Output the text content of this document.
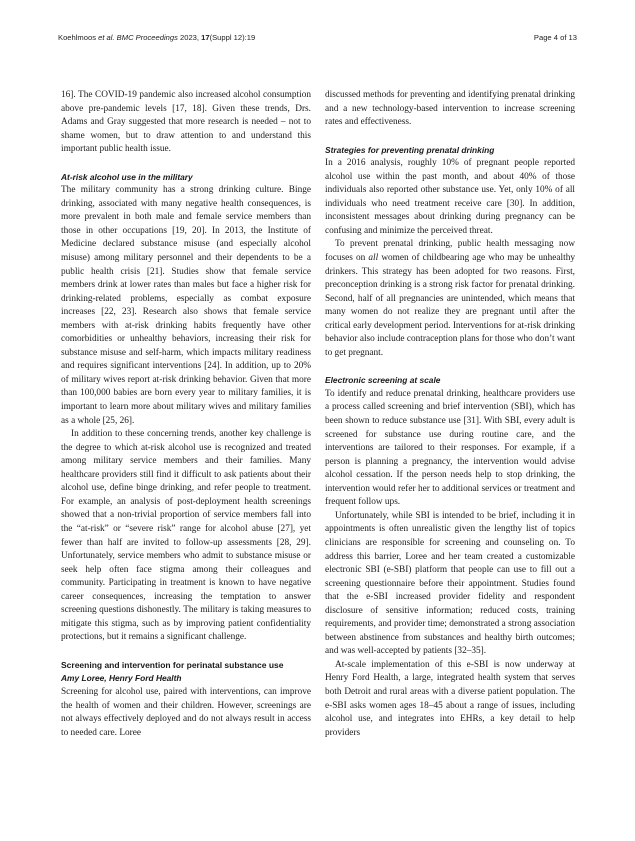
Koehlmoos et al. BMC Proceedings 2023, 17(Suppl 12):19	Page 4 of 13

16]. The COVID-19 pandemic also increased alcohol consumption above pre-pandemic levels [17, 18]. Given these trends, Drs. Adams and Gray suggested that more research is needed – not to shame women, but to draw attention to and understand this important public health issue.

At-risk alcohol use in the military

The military community has a strong drinking culture. Binge drinking, associated with many negative health consequences, is more prevalent in both male and female service members than those in other occupations [19, 20]. In 2013, the Institute of Medicine declared substance misuse (and especially alcohol misuse) among military personnel and their dependents to be a public health crisis [21]. Studies show that female service members drink at lower rates than males but face a higher risk for drinking-related problems, especially as combat exposure increases [22, 23]. Research also shows that female service members with at-risk drinking habits frequently have other comorbidities or unhealthy behaviors, increasing their risk for substance misuse and self-harm, which impacts military readiness and requires significant interventions [24]. In addition, up to 20% of military wives report at-risk drinking behavior. Given that more than 100,000 babies are born every year to military families, it is important to learn more about military wives and military families as a whole [25, 26].

In addition to these concerning trends, another key challenge is the degree to which at-risk alcohol use is recognized and treated among military service members and their families. Many healthcare providers still find it difficult to ask patients about their alcohol use, define binge drinking, and refer people to treatment. For example, an analysis of post-deployment health screenings showed that a non-trivial proportion of service members fall into the “at-risk” or “severe risk” range for alcohol abuse [27], yet fewer than half are invited to follow-up assessments [28, 29]. Unfortunately, service members who admit to substance misuse or seek help often face stigma among their colleagues and community. Participating in treatment is known to have negative career consequences, increasing the temptation to answer screening questions dishonestly. The military is taking measures to mitigate this stigma, such as by improving patient confidentiality protections, but it remains a significant challenge.

Screening and intervention for perinatal substance use

Amy Loree, Henry Ford Health

Screening for alcohol use, paired with interventions, can improve the health of women and their children. However, screenings are not always effectively deployed and do not always result in access to needed care. Loree

discussed methods for preventing and identifying prenatal drinking and a new technology-based intervention to increase screening rates and effectiveness.

Strategies for preventing prenatal drinking

In a 2016 analysis, roughly 10% of pregnant people reported alcohol use within the past month, and about 40% of those individuals also reported other substance use. Yet, only 10% of all individuals who need treatment receive care [30]. In addition, inconsistent messages about drinking during pregnancy can be confusing and minimize the perceived threat.

To prevent prenatal drinking, public health messaging now focuses on all women of childbearing age who may be unhealthy drinkers. This strategy has been adopted for two reasons. First, preconception drinking is a strong risk factor for prenatal drinking. Second, half of all pregnancies are unintended, which means that many women do not realize they are pregnant until after the critical early development period. Interventions for at-risk drinking behavior also include contraception plans for those who don’t want to get pregnant.

Electronic screening at scale

To identify and reduce prenatal drinking, healthcare providers use a process called screening and brief intervention (SBI), which has been shown to reduce substance use [31]. With SBI, every adult is screened for substance use during routine care, and the interventions are tailored to their responses. For example, if a person is planning a pregnancy, the intervention would advise alcohol cessation. If the person needs help to stop drinking, the intervention would refer her to additional services or treatment and frequent follow ups.

Unfortunately, while SBI is intended to be brief, including it in appointments is often unrealistic given the lengthy list of topics clinicians are responsible for screening and counseling on. To address this barrier, Loree and her team created a customizable electronic SBI (e-SBI) platform that people can use to fill out a screening questionnaire before their appointment. Studies found that the e-SBI increased provider fidelity and respondent disclosure of sensitive information; reduced costs, training requirements, and provider time; demonstrated a strong association between abstinence from substances and healthy birth outcomes; and was well-accepted by patients [32–35].

At-scale implementation of this e-SBI is now underway at Henry Ford Health, a large, integrated health system that serves both Detroit and rural areas with a diverse patient population. The e-SBI asks women ages 18–45 about a range of issues, including alcohol use, and integrates into EHRs, a key detail to help providers
